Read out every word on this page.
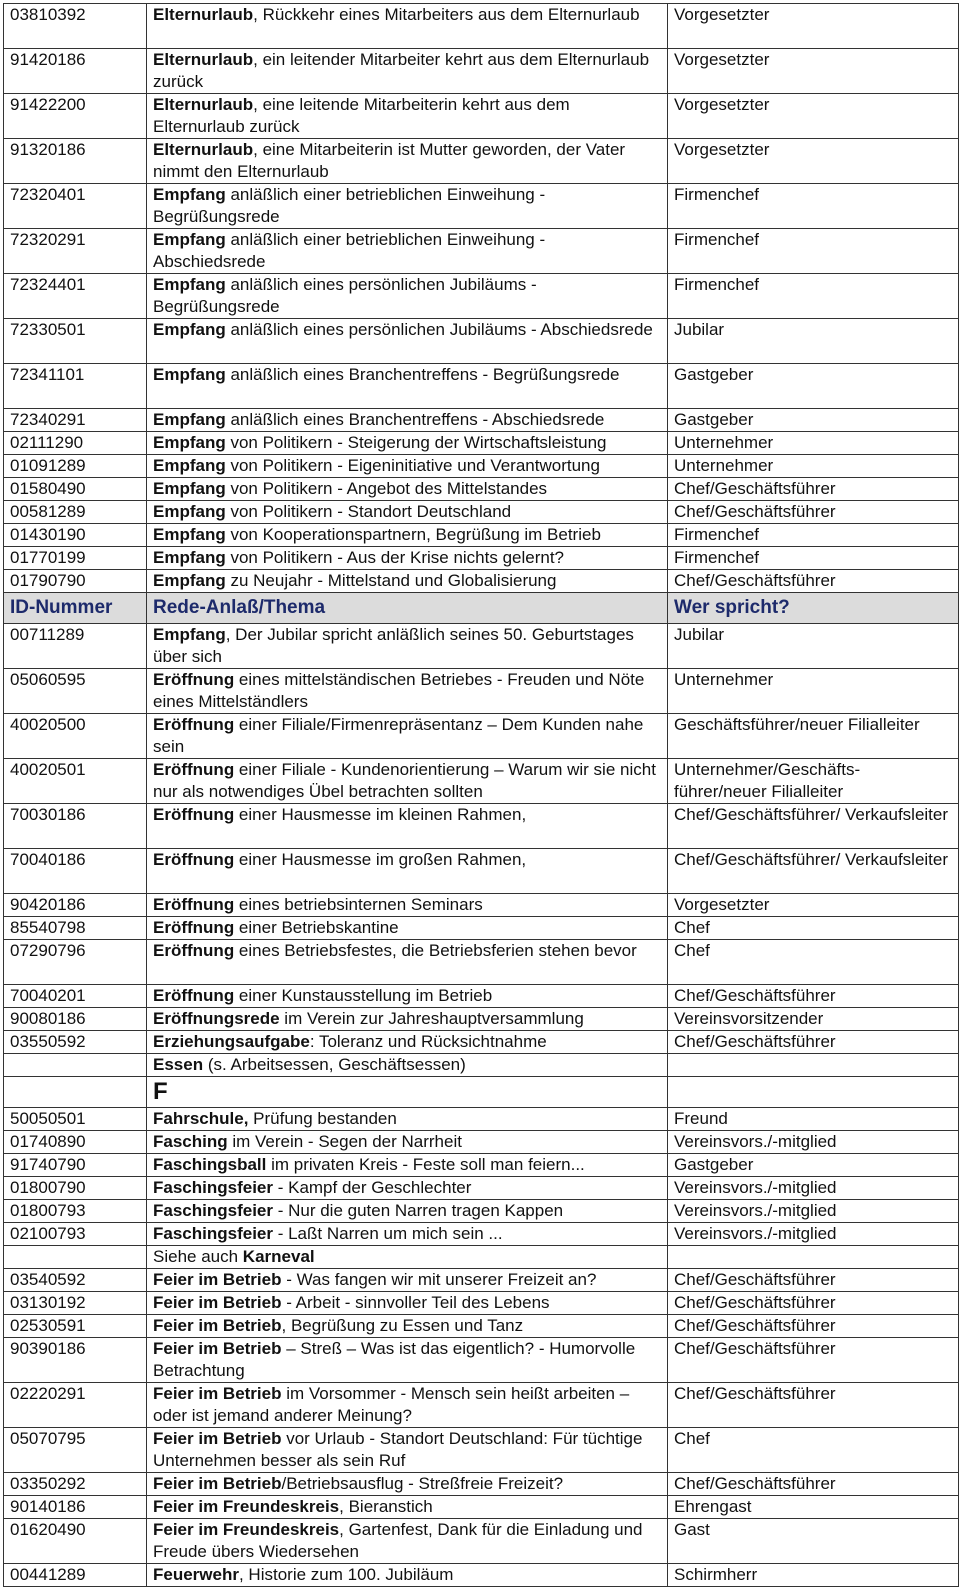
03810392	Elternurlaub, Rückkehr eines Mitarbeiters aus dem Elternurlaub	Vorgesetzter
91420186	Elternurlaub, ein leitender Mitarbeiter kehrt aus dem Elternurlaub zurück	Vorgesetzter
91422200	Elternurlaub, eine leitende Mitarbeiterin kehrt aus dem Elternurlaub zurück	Vorgesetzter
91320186	Elternurlaub, eine Mitarbeiterin ist Mutter geworden, der Vater nimmt den Elternurlaub	Vorgesetzter
72320401	Empfang anläßlich einer betrieblichen Einweihung - Begrüßungsrede	Firmenchef
72320291	Empfang anläßlich einer betrieblichen Einweihung - Abschiedsrede	Firmenchef
72324401	Empfang anläßlich eines persönlichen Jubiläums - Begrüßungsrede	Firmenchef
72330501	Empfang anläßlich eines persönlichen Jubiläums - Abschiedsrede	Jubilar
72341101	Empfang anläßlich eines Branchentreffens - Begrüßungsrede	Gastgeber
72340291	Empfang anläßlich eines Branchentreffens - Abschiedsrede	Gastgeber
02111290	Empfang von Politikern - Steigerung der Wirtschaftsleistung	Unternehmer
01091289	Empfang von Politikern - Eigeninitiative und Verantwortung	Unternehmer
01580490	Empfang von Politikern - Angebot des Mittelstandes	Chef/Geschäftsführer
00581289	Empfang von Politikern - Standort Deutschland	Chef/Geschäftsführer
01430190	Empfang von Kooperationspartnern, Begrüßung im Betrieb	Firmenchef
01770199	Empfang von Politikern - Aus der Krise nichts gelernt?	Firmenchef
01790790	Empfang zu Neujahr - Mittelstand und Globalisierung	Chef/Geschäftsführer
ID-Nummer	Rede-Anlaß/Thema	Wer spricht?
00711289	Empfang, Der Jubilar spricht anläßlich seines 50. Geburtstages über sich	Jubilar
05060595	Eröffnung eines mittelständischen Betriebes - Freuden und Nöte eines Mittelständlers	Unternehmer
40020500	Eröffnung einer Filiale/Firmenrepräsentanz – Dem Kunden nahe sein	Geschäftsführer/neuer Filialleiter
40020501	Eröffnung einer Filiale - Kundenorientierung – Warum wir sie nicht nur als notwendiges Übel betrachten sollten	Unternehmer/Geschäfts-führer/neuer Filialleiter
70030186	Eröffnung einer Hausmesse im kleinen Rahmen,	Chef/Geschäftsführer/ Verkaufsleiter
70040186	Eröffnung einer Hausmesse im großen Rahmen,	Chef/Geschäftsführer/ Verkaufsleiter
90420186	Eröffnung eines betriebsinternen Seminars	Vorgesetzter
85540798	Eröffnung einer Betriebskantine	Chef
07290796	Eröffnung eines Betriebsfestes, die Betriebsferien stehen bevor	Chef
70040201	Eröffnung einer Kunstausstellung im Betrieb	Chef/Geschäftsführer
90080186	Eröffnungsrede im Verein zur Jahreshauptversammlung	Vereinsvorsitzender
03550592	Erziehungsaufgabe: Toleranz und Rücksichtnahme	Chef/Geschäftsführer
	Essen (s. Arbeitsessen, Geschäftsessen)	
	F	
50050501	Fahrschule, Prüfung bestanden	Freund
01740890	Fasching im Verein - Segen der Narrheit	Vereinsvors./-mitglied
91740790	Faschingsball im privaten Kreis - Feste soll man feiern...	Gastgeber
01800790	Faschingsfeier - Kampf der Geschlechter	Vereinsvors./-mitglied
01800793	Faschingsfeier - Nur die guten Narren tragen Kappen	Vereinsvors./-mitglied
02100793	Faschingsfeier - Laßt Narren um mich sein ...	Vereinsvors./-mitglied
	Siehe auch Karneval	
03540592	Feier im Betrieb - Was fangen wir mit unserer Freizeit an?	Chef/Geschäftsführer
03130192	Feier im Betrieb - Arbeit - sinnvoller Teil des Lebens	Chef/Geschäftsführer
02530591	Feier im Betrieb, Begrüßung zu Essen und Tanz	Chef/Geschäftsführer
90390186	Feier im Betrieb – Streß – Was ist das eigentlich? - Humorvolle Betrachtung	Chef/Geschäftsführer
02220291	Feier im Betrieb im Vorsommer - Mensch sein heißt arbeiten – oder ist jemand anderer Meinung?	Chef/Geschäftsführer
05070795	Feier im Betrieb vor Urlaub - Standort Deutschland: Für tüchtige Unternehmen besser als sein Ruf	Chef
03350292	Feier im Betrieb/Betriebsausflug - Streßfreie Freizeit?	Chef/Geschäftsführer
90140186	Feier im Freundeskreis, Bieranstich	Ehrengast
01620490	Feier im Freundeskreis, Gartenfest, Dank für die Einladung und Freude übers Wiedersehen	Gast
00441289	Feuerwehr, Historie zum 100. Jubiläum	Schirmherr
